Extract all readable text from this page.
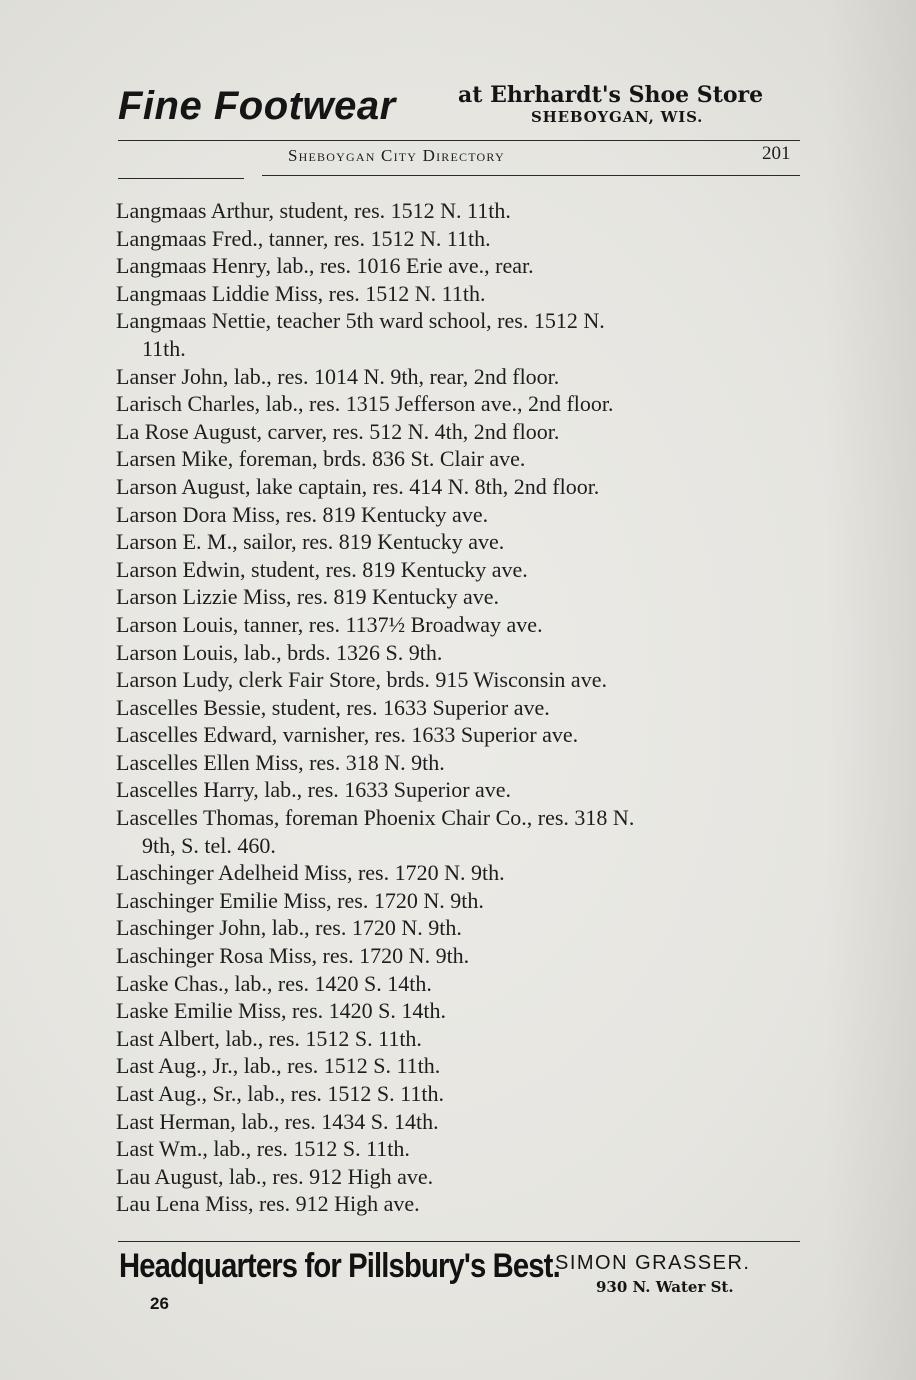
Fine Footwear	at Ehrhardt's Shoe Store
SHEBOYGAN, WIS.
Sheboygan City Directory	201
Langmaas Arthur, student, res. 1512 N. 11th.
Langmaas Fred., tanner, res. 1512 N. 11th.
Langmaas Henry, lab., res. 1016 Erie ave., rear.
Langmaas Liddie Miss, res. 1512 N. 11th.
Langmaas Nettie, teacher 5th ward school, res. 1512 N.
11th.
Lanser John, lab., res. 1014 N. 9th, rear, 2nd floor.
Larisch Charles, lab., res. 1315 Jefferson ave., 2nd floor.
La Rose August, carver, res. 512 N. 4th, 2nd floor.
Larsen Mike, foreman, brds. 836 St. Clair ave.
Larson August, lake captain, res. 414 N. 8th, 2nd floor.
Larson Dora Miss, res. 819 Kentucky ave.
Larson E. M., sailor, res. 819 Kentucky ave.
Larson Edwin, student, res. 819 Kentucky ave.
Larson Lizzie Miss, res. 819 Kentucky ave.
Larson Louis, tanner, res. 1137½ Broadway ave.
Larson Louis, lab., brds. 1326 S. 9th.
Larson Ludy, clerk Fair Store, brds. 915 Wisconsin ave.
Lascelles Bessie, student, res. 1633 Superior ave.
Lascelles Edward, varnisher, res. 1633 Superior ave.
Lascelles Ellen Miss, res. 318 N. 9th.
Lascelles Harry, lab., res. 1633 Superior ave.
Lascelles Thomas, foreman Phoenix Chair Co., res. 318 N.
9th, S. tel. 460.
Laschinger Adelheid Miss, res. 1720 N. 9th.
Laschinger Emilie Miss, res. 1720 N. 9th.
Laschinger John, lab., res. 1720 N. 9th.
Laschinger Rosa Miss, res. 1720 N. 9th.
Laske Chas., lab., res. 1420 S. 14th.
Laske Emilie Miss, res. 1420 S. 14th.
Last Albert, lab., res. 1512 S. 11th.
Last Aug., Jr., lab., res. 1512 S. 11th.
Last Aug., Sr., lab., res. 1512 S. 11th.
Last Herman, lab., res. 1434 S. 14th.
Last Wm., lab., res. 1512 S. 11th.
Lau August, lab., res. 912 High ave.
Lau Lena Miss, res. 912 High ave.
Headquarters for Pillsbury's Best.
SIMON GRASSER.
930 N. Water St.
26
